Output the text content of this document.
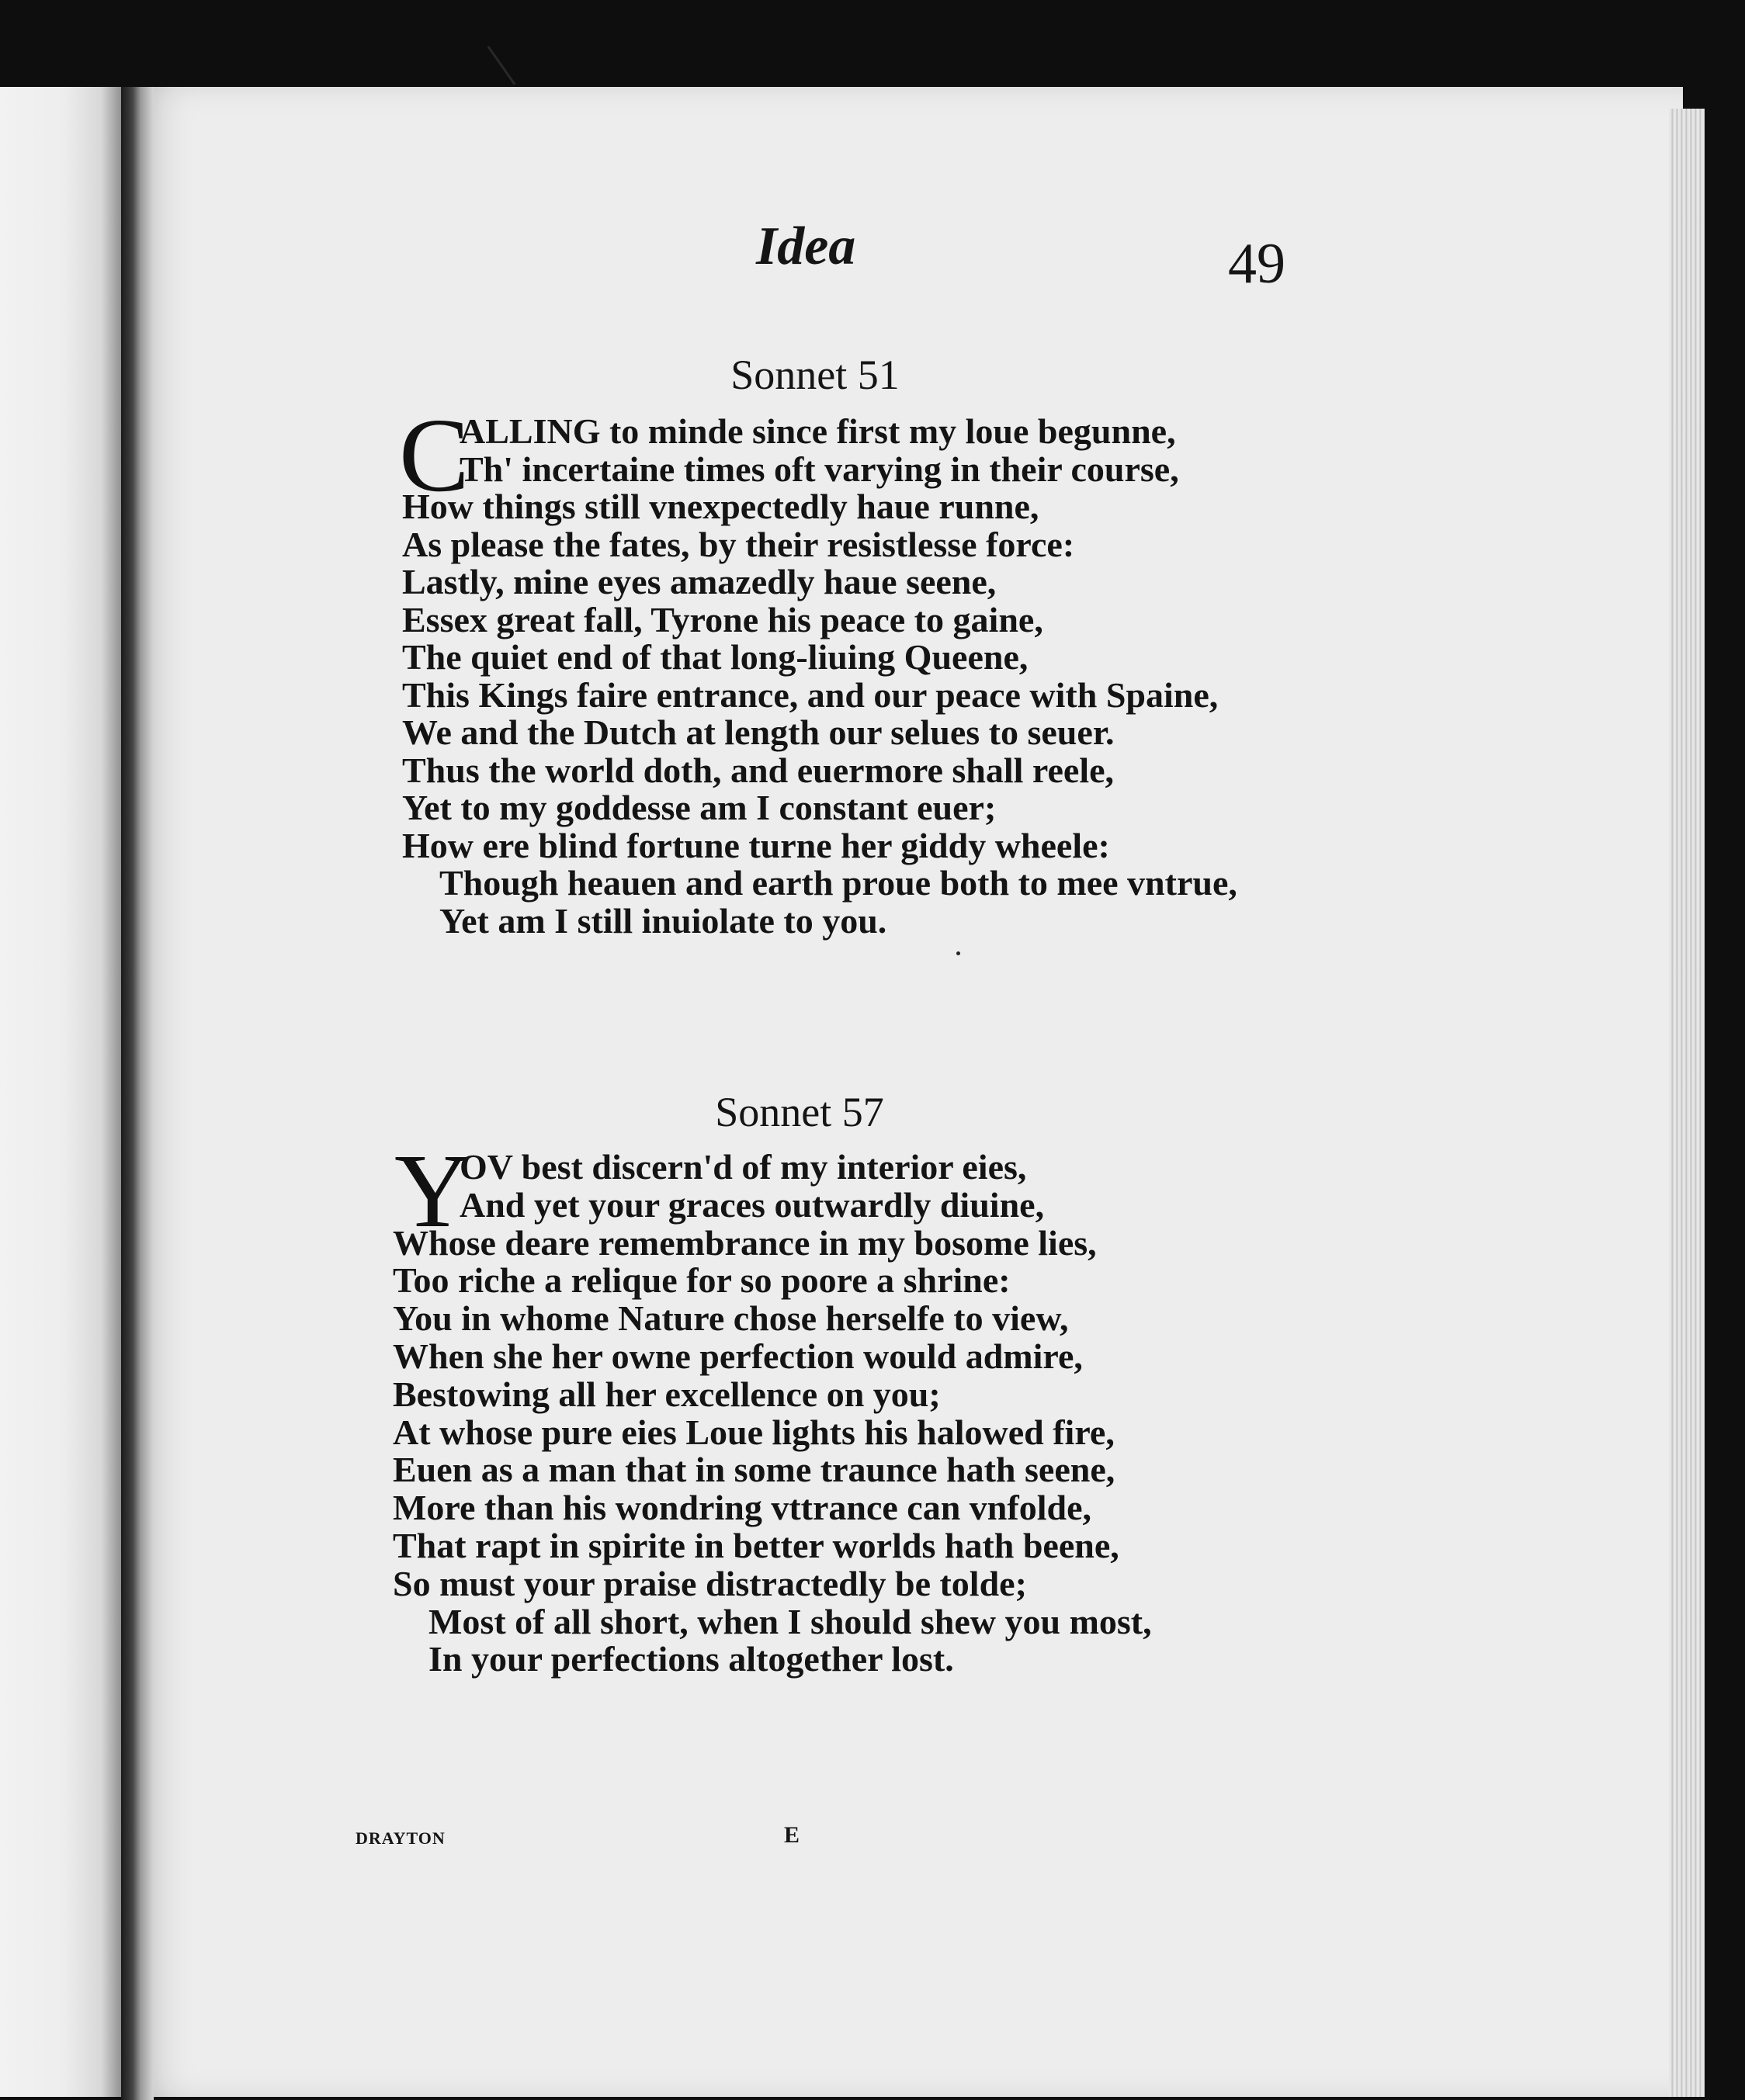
Idea	49
Sonnet 51
C
ALLING to minde since first my loue begunne,
Th' incertaine times oft varying in their course,
How things still vnexpectedly haue runne,
As please the fates, by their resistlesse force:
Lastly, mine eyes amazedly haue seene,
Essex great fall, Tyrone his peace to gaine,
The quiet end of that long-liuing Queene,
This Kings faire entrance, and our peace with Spaine,
We and the Dutch at length our selues to seuer.
Thus the world doth, and euermore shall reele,
Yet to my goddesse am I constant euer;
How ere blind fortune turne her giddy wheele:
Though heauen and earth proue both to mee vntrue,
Yet am I still inuiolate to you.
Sonnet 57
Y
OV best discern'd of my interior eies,
And yet your graces outwardly diuine,
Whose deare remembrance in my bosome lies,
Too riche a relique for so poore a shrine:
You in whome Nature chose herselfe to view,
When she her owne perfection would admire,
Bestowing all her excellence on you;
At whose pure eies Loue lights his halowed fire,
Euen as a man that in some traunce hath seene,
More than his wondring vttrance can vnfolde,
That rapt in spirite in better worlds hath beene,
So must your praise distractedly be tolde;
Most of all short, when I should shew you most,
In your perfections altogether lost.
DRAYTON	E
